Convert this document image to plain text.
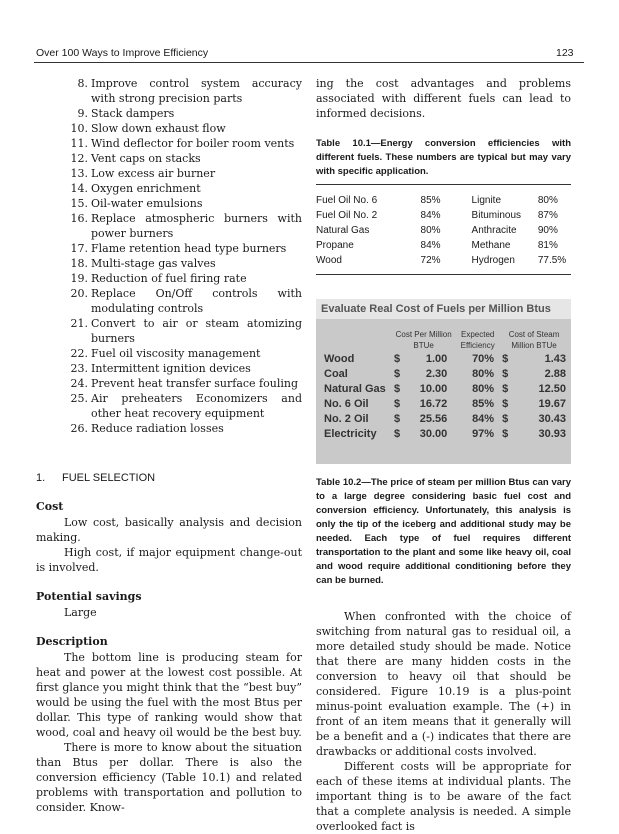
Over 100 Ways to Improve Efficiency	123
8. Improve control system accuracy with strong precision parts
9. Stack dampers
10. Slow down exhaust flow
11. Wind deflector for boiler room vents
12. Vent caps on stacks
13. Low excess air burner
14. Oxygen enrichment
15. Oil-water emulsions
16. Replace atmospheric burners with power burners
17. Flame retention head type burners
18. Multi-stage gas valves
19. Reduction of fuel firing rate
20. Replace On/Off controls with modulating controls
21. Convert to air or steam atomizing burners
22. Fuel oil viscosity management
23. Intermittent ignition devices
24. Prevent heat transfer surface fouling
25. Air preheaters Economizers and other heat recovery equipment
26. Reduce radiation losses
1. FUEL SELECTION
Cost

Low cost, basically analysis and decision making.

High cost, if major equipment change-out is involved.

Potential savings

Large

Description

The bottom line is producing steam for heat and power at the lowest cost possible. At first glance you might think that the “best buy” would be using the fuel with the most Btus per dollar. This type of ranking would show that wood, coal and heavy oil would be the best buy.

There is more to know about the situation than Btus per dollar. There is also the conversion efficiency (Table 10.1) and related problems with transportation and pollution to consider. Know-

ing the cost advantages and problems associated with different fuels can lead to informed decisions.

Table 10.1—Energy conversion efficiencies with different fuels. These numbers are typical but may vary with specific application.
Fuel Oil No. 6	85%	Lignite	80%
Fuel Oil No. 2	84%	Bituminous	87%
Natural Gas	80%	Anthracite	90%
Propane	84%	Methane	81%
Wood	72%	Hydrogen	77.5%
Evaluate Real Cost of Fuels per Million Btus
	Cost Per Million BTUe		Expected Efficiency	Cost of Steam Million BTUe	
Wood	$	1.00	70%	$	1.43
Coal	$	2.30	80%	$	2.88
Natural Gas	$	10.00	80%	$	12.50
No. 6 Oil	$	16.72	85%	$	19.67
No. 2 Oil	$	25.56	84%	$	30.43
Electricity	$	30.00	97%	$	30.93
Table 10.2—The price of steam per million Btus can vary to a large degree considering basic fuel cost and conversion efficiency. Unfortunately, this analysis is only the tip of the iceberg and additional study may be needed. Each type of fuel requires different transportation to the plant and some like heavy oil, coal and wood require additional conditioning before they can be burned.

When confronted with the choice of switching from natural gas to residual oil, a more detailed study should be made. Notice that there are many hidden costs in the conversion to heavy oil that should be considered. Figure 10.19 is a plus-point minus-point evaluation example. The (+) in front of an item means that it generally will be a benefit and a (-) indicates that there are drawbacks or additional costs involved.

Different costs will be appropriate for each of these items at individual plants. The important thing is to be aware of the fact that a complete analysis is needed. A simple overlooked fact is
